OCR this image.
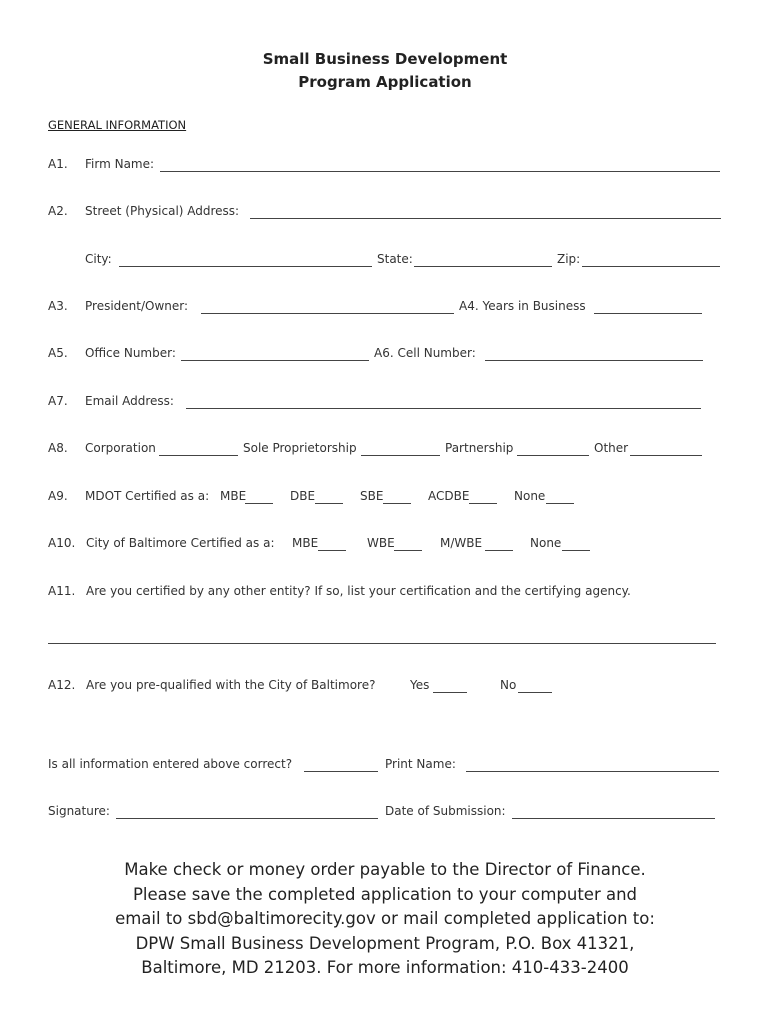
Small Business Development
Program Application
GENERAL INFORMATION
A1. Firm Name:
A2. Street (Physical) Address:
City:	State:	Zip:
A3. President/Owner:	A4. Years in Business
A5. Office Number:	A6. Cell Number:
A7. Email Address:
A8. Corporation	Sole Proprietorship	Partnership	Other
A9. MDOT Certified as a: MBE	DBE	SBE	ACDBE	None
A10. City of Baltimore Certified as a: MBE	WBE	M/WBE	None
A11. Are you certified by any other entity? If so, list your certification and the certifying agency.
A12. Are you pre-qualified with the City of Baltimore?	Yes	No
Is all information entered above correct?	Print Name:
Signature:	Date of Submission:
Make check or money order payable to the Director of Finance.
Please save the completed application to your computer and
email to sbd@baltimorecity.gov or mail completed application to:
DPW Small Business Development Program, P.O. Box 41321,
Baltimore, MD 21203. For more information: 410-433-2400
